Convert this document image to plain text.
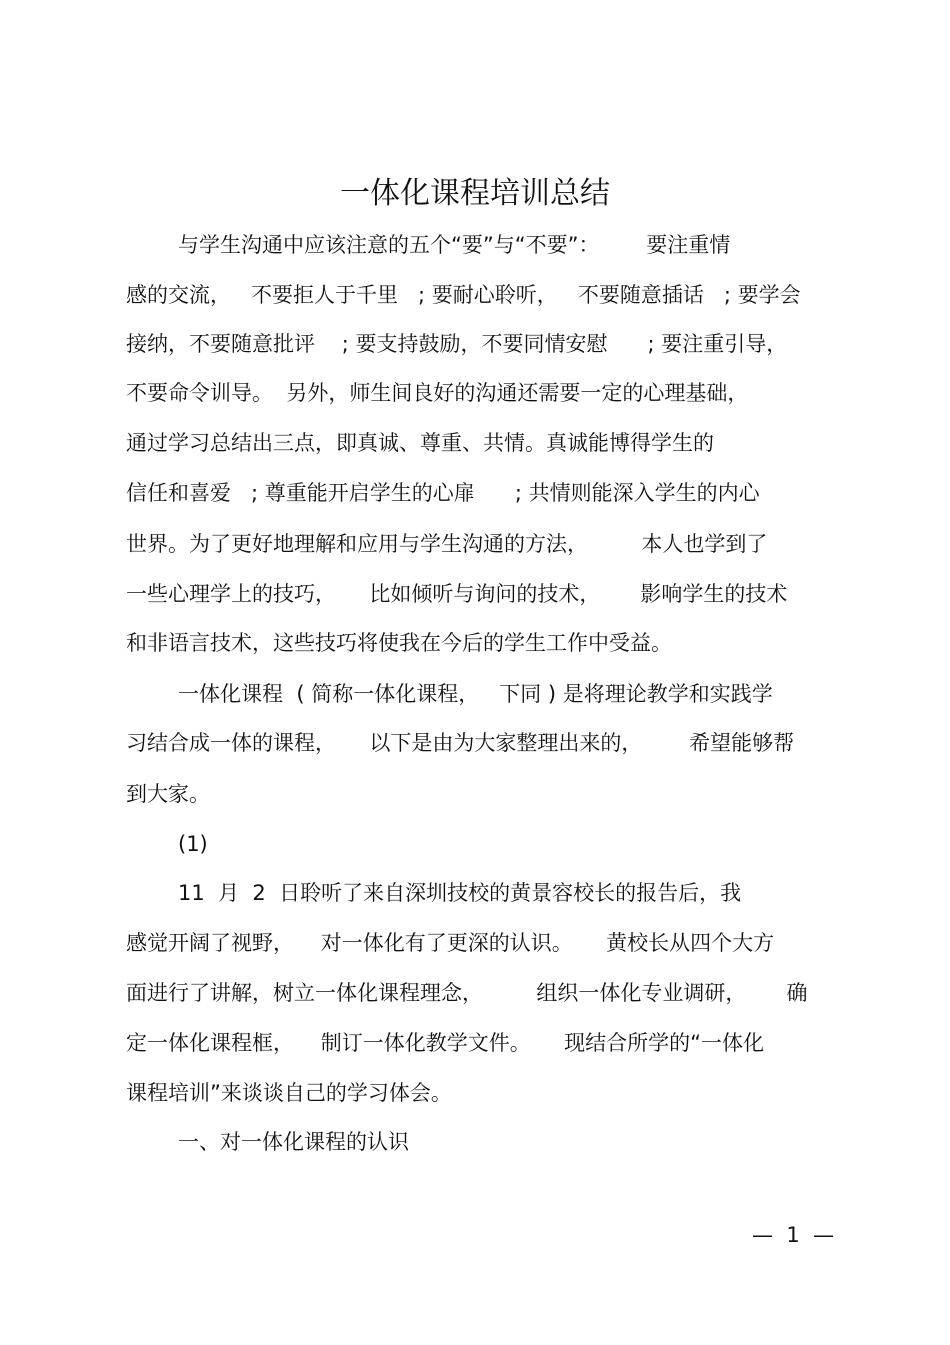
一体化课程培训总结
与学生沟通中应该注意的五个“要”与“不要”：       要注重情
感的交流，   不要拒人于千里   ; 要耐心聆听，   不要随意插话   ; 要学会
接纳，不要随意批评    ; 要支持鼓励，不要同情安慰      ; 要注重引导，
不要命令训导。  另外，师生间良好的沟通还需要一定的心理基础，
通过学习总结出三点，即真诚、尊重、共情。真诚能博得学生的
信任和喜爱   ; 尊重能开启学生的心扉      ; 共情则能深入学生的内心
世界。为了更好地理解和应用与学生沟通的方法，        本人也学到了
一些心理学上的技巧，     比如倾听与询问的技术，      影响学生的技术
和非语言技术，这些技巧将使我在今后的学生工作中受益。
一体化课程  ( 简称一体化课程，   下同 ) 是将理论教学和实践学
习结合成一体的课程，     以下是由为大家整理出来的，       希望能够帮
到大家。
(1)
11  月  2  日聆听了来自深圳技校的黄景容校长的报告后，我
感觉开阔了视野，    对一体化有了更深的认识。     黄校长从四个大方
面进行了讲解，树立一体化课程理念，        组织一体化专业调研，      确
定一体化课程框，    制订一体化教学文件。     现结合所学的“一体化
课程培训”来谈谈自己的学习体会。
一、对一体化课程的认识
—  1  —
